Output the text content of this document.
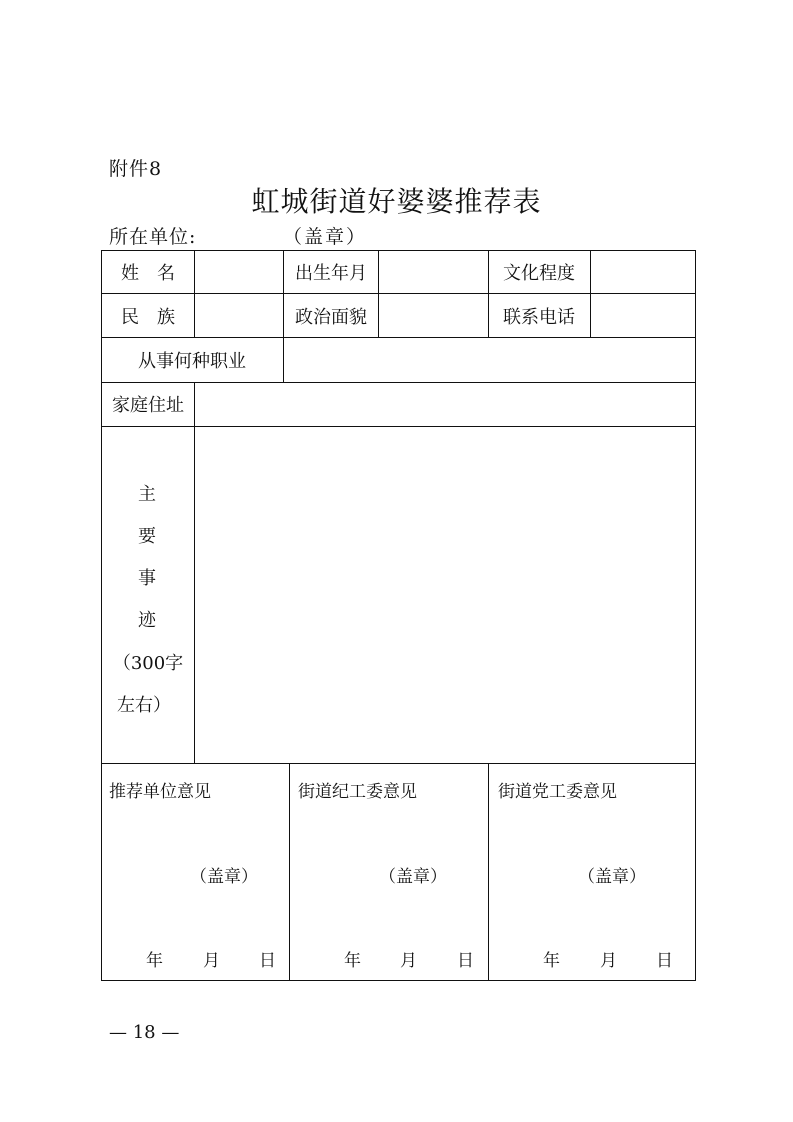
附件8
虹城街道好婆婆推荐表
所在单位:	（盖章）
姓　名	出生年月	文化程度
民　族	政治面貌	联系电话
从事何种职业
家庭住址
主
要
事
迹
（300字
左右）
推荐单位意见
（盖章）
年 月 日
街道纪工委意见
（盖章）
年 月 日
街道党工委意见
（盖章）
年 月 日
— 18 —
